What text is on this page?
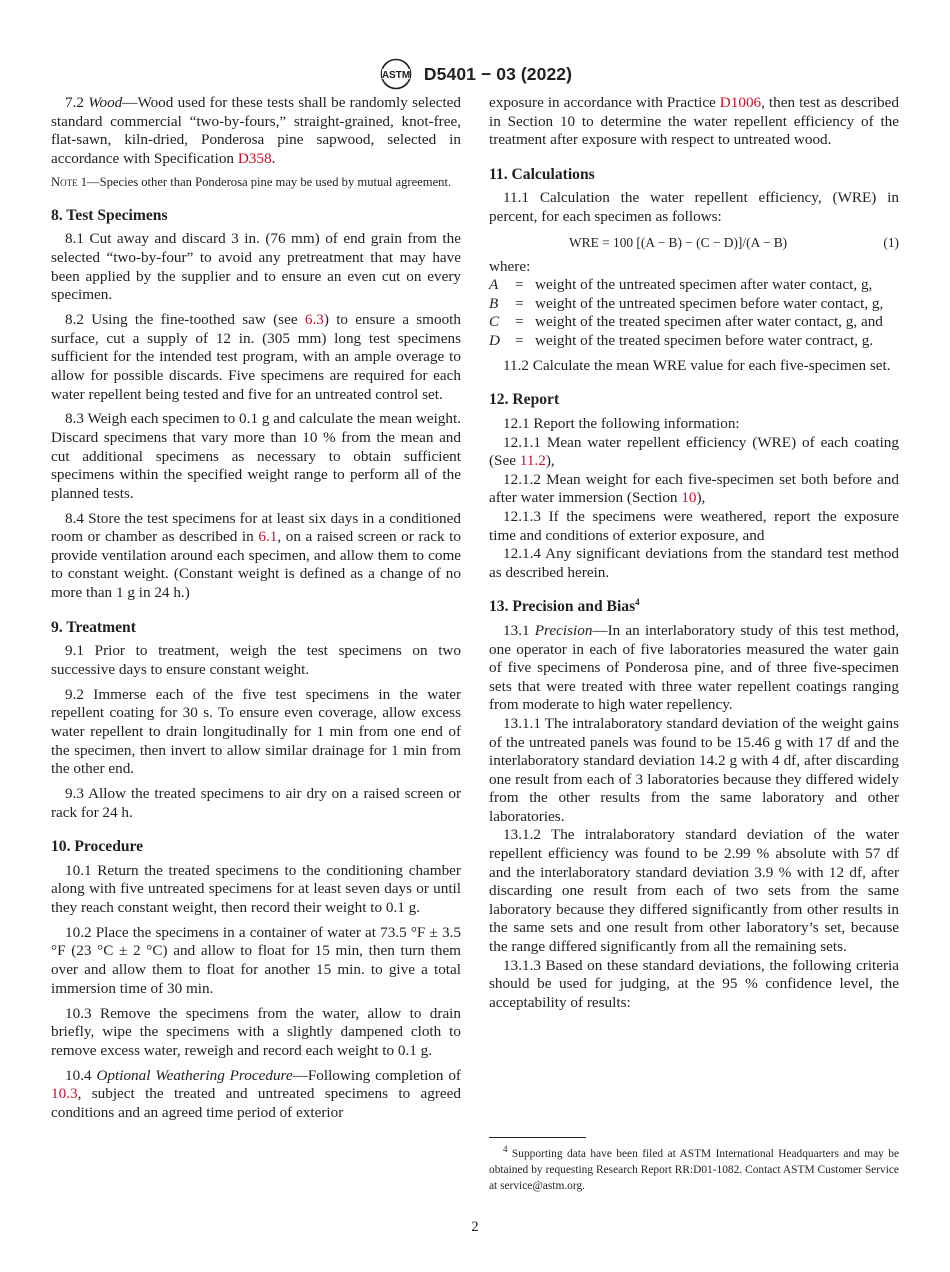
ASTM D5401 − 03 (2022)

7.2 Wood—Wood used for these tests shall be randomly selected standard commercial “two-by-fours,” straight-grained, knot-free, flat-sawn, kiln-dried, Ponderosa pine sapwood, selected in accordance with Specification D358.

Note 1—Species other than Ponderosa pine may be used by mutual agreement.

8. Test Specimens

8.1 Cut away and discard 3 in. (76 mm) of end grain from the selected “two-by-four” to avoid any pretreatment that may have been applied by the supplier and to ensure an even cut on every specimen.

8.2 Using the fine-toothed saw (see 6.3) to ensure a smooth surface, cut a supply of 12 in. (305 mm) long test specimens sufficient for the intended test program, with an ample overage to allow for possible discards. Five specimens are required for each water repellent being tested and five for an untreated control set.

8.3 Weigh each specimen to 0.1 g and calculate the mean weight. Discard specimens that vary more than 10 % from the mean and cut additional specimens as necessary to obtain sufficient specimens within the specified weight range to perform all of the planned tests.

8.4 Store the test specimens for at least six days in a conditioned room or chamber as described in 6.1, on a raised screen or rack to provide ventilation around each specimen, and allow them to come to constant weight. (Constant weight is defined as a change of no more than 1 g in 24 h.)

9. Treatment

9.1 Prior to treatment, weigh the test specimens on two successive days to ensure constant weight.

9.2 Immerse each of the five test specimens in the water repellent coating for 30 s. To ensure even coverage, allow excess water repellent to drain longitudinally for 1 min from one end of the specimen, then invert to allow similar drainage for 1 min from the other end.

9.3 Allow the treated specimens to air dry on a raised screen or rack for 24 h.

10. Procedure

10.1 Return the treated specimens to the conditioning chamber along with five untreated specimens for at least seven days or until they reach constant weight, then record their weight to 0.1 g.

10.2 Place the specimens in a container of water at 73.5 °F ± 3.5 °F (23 °C ± 2 °C) and allow to float for 15 min, then turn them over and allow them to float for another 15 min. to give a total immersion time of 30 min.

10.3 Remove the specimens from the water, allow to drain briefly, wipe the specimens with a slightly dampened cloth to remove excess water, reweigh and record each weight to 0.1 g.

10.4 Optional Weathering Procedure—Following completion of 10.3, subject the treated and untreated specimens to agreed conditions and an agreed time period of exterior

exposure in accordance with Practice D1006, then test as described in Section 10 to determine the water repellent efficiency of the treatment after exposure with respect to untreated wood.

11. Calculations

11.1 Calculation the water repellent efficiency, (WRE) in percent, for each specimen as follows:

WRE = 100 [(A − B) − (C − D)]/(A − B)	(1)

where:

A = weight of the untreated specimen after water contact, g,
B = weight of the untreated specimen before water contact, g,
C = weight of the treated specimen after water contact, g, and
D = weight of the treated specimen before water contract, g.

11.2 Calculate the mean WRE value for each five-specimen set.

12. Report

12.1 Report the following information:

12.1.1 Mean water repellent efficiency (WRE) of each coating (See 11.2),

12.1.2 Mean weight for each five-specimen set both before and after water immersion (Section 10),

12.1.3 If the specimens were weathered, report the exposure time and conditions of exterior exposure, and

12.1.4 Any significant deviations from the standard test method as described herein.

13. Precision and Bias$^4$

13.1 Precision—In an interlaboratory study of this test method, one operator in each of five laboratories measured the water gain of five specimens of Ponderosa pine, and of three five-specimen sets that were treated with three water repellent coatings ranging from moderate to high water repellency.

13.1.1 The intralaboratory standard deviation of the weight gains of the untreated panels was found to be 15.46 g with 17 df and the interlaboratory standard deviation 14.2 g with 4 df, after discarding one result from each of 3 laboratories because they differed widely from the other results from the same laboratory and other laboratories.

13.1.2 The intralaboratory standard deviation of the water repellent efficiency was found to be 2.99 % absolute with 57 df and the interlaboratory standard deviation 3.9 % with 12 df, after discarding one result from each of two sets from the same laboratory because they differed significantly from other results in the same sets and one result from other laboratory’s set, because the range differed significantly from all the remaining sets.

13.1.3 Based on these standard deviations, the following criteria should be used for judging, at the 95 % confidence level, the acceptability of results:

$^4$ Supporting data have been filed at ASTM International Headquarters and may be obtained by requesting Research Report RR:D01-1082. Contact ASTM Customer Service at service@astm.org.

2
